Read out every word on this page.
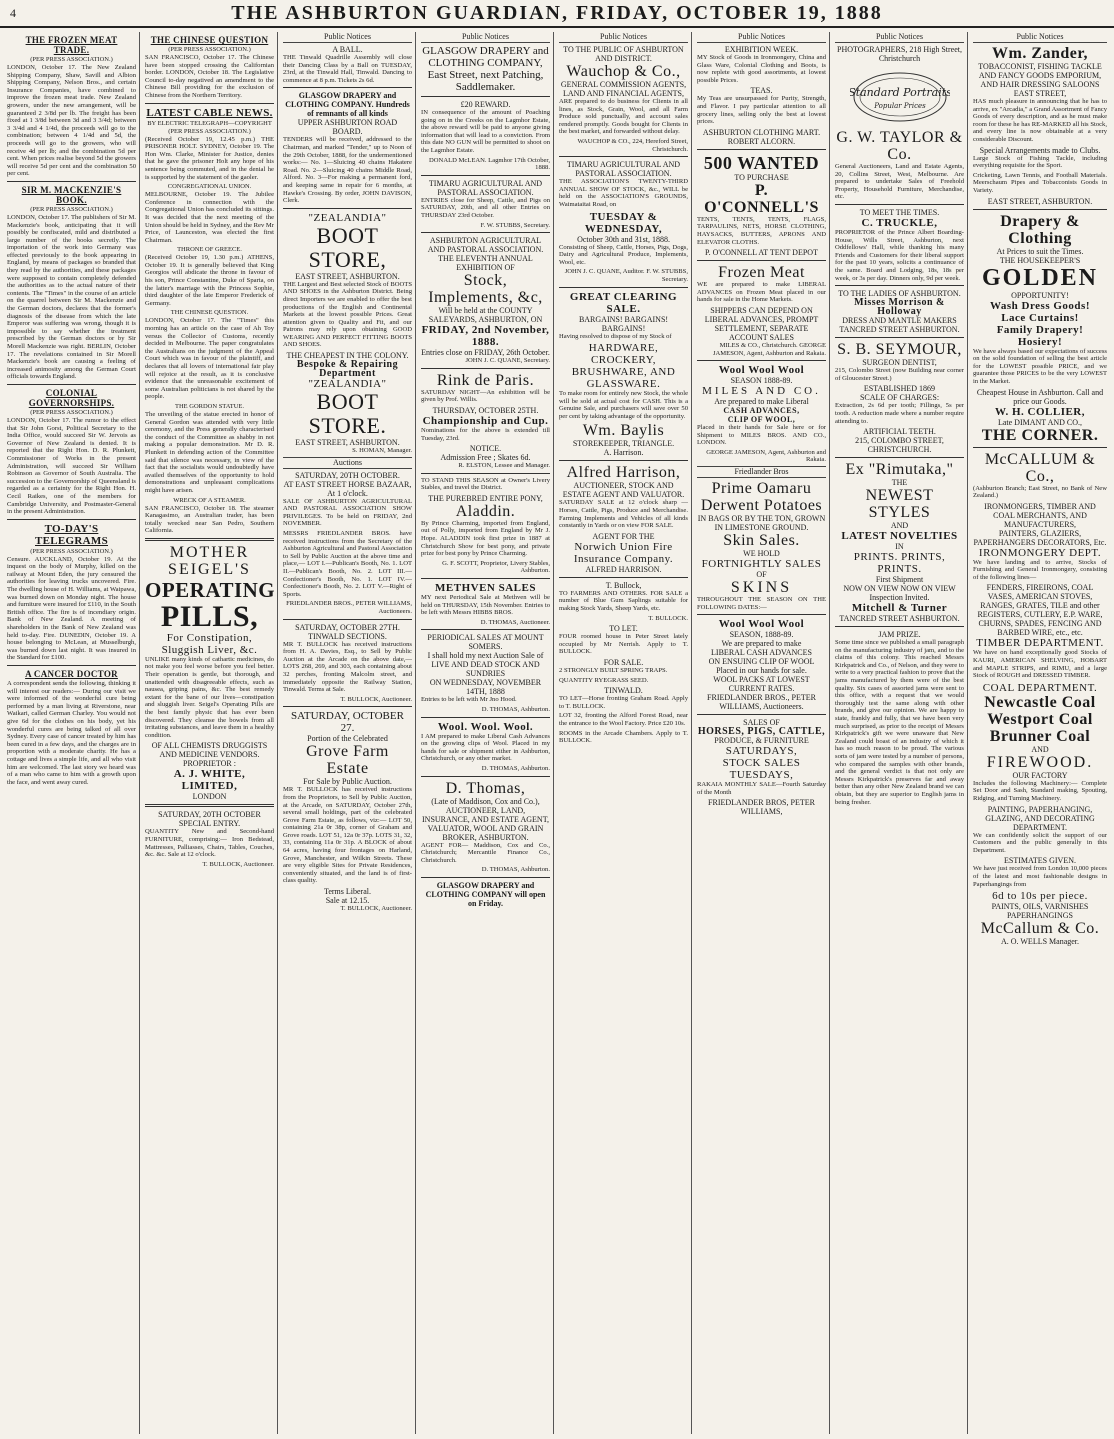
4	THE ASHBURTON GUARDIAN, FRIDAY, OCTOBER 19, 1888
THE FROZEN MEAT TRADE.
(PER PRESS ASSOCIATION.)
LONDON, October 17. The New Zealand Shipping Company, Shaw, Savill and Albion Shipping Company, Nelson Bros., and certain Insurance Companies, have combined to improve the frozen meat trade. New Zealand growers, under the new arrangement, will be guaranteed 2 3/8d per lb. The freight has been fixed at 1 3/8d between 3d and 3 3/4d; between 3 3/4d and 4 1/4d, the proceeds will go to the combination; between 4 1/4d and 5d, the proceeds will go to the growers, who will receive 4d per lb; and the combination 5d per cent. When prices realise beyond 5d the growers will receive 5d per cent and the combination 50 per cent.
SIR M. MACKENZIE'S BOOK.
(PER PRESS ASSOCIATION.)
LONDON, October 17. The publishers of Sir M. Mackenzie's book, anticipating that it will possibly be confiscated, mild and distributed a large number of the books secretly. The importation of the work into Germany was effected previously to the book appearing in England, by means of packages so branded that they read by the authorities, and these packages were supposed to contain completely defended the authorities as to the actual nature of their contents. The "Times" in the course of an article on the quarrel between Sir M. Mackenzie and the German doctors, declares that the former's diagnosis of the disease from which the late Emperor was suffering was wrong, though it is impossible to say whether the treatment prescribed by the German doctors or by Sir Morell Mackenzie was right. BERLIN, October 17. The revelations contained in Sir Morell Mackenzie's book are causing a feeling of increased animosity among the German Court officials towards England.
COLONIAL GOVERNORSHIPS.
(PER PRESS ASSOCIATION.)
LONDON, October 17. The rumor to the effect that Sir John Gorst, Political Secretary to the India Office, would succeed Sir W. Jervois as Governor of New Zealand is denied. It is reported that the Right Hon. D. R. Plunkett, Commissioner of Works in the present Administration, will succeed Sir William Robinson as Governor of South Australia. The succession to the Governorship of Queensland is regarded as a certainty for the Right Hon. H. Cecil Raikes, one of the members for Cambridge University, and Postmaster-General in the present Administration.
TO-DAY'S TELEGRAMS
(PER PRESS ASSOCIATION.)
Censure. AUCKLAND, October 19. At the inquest on the body of Murphy, killed on the railway at Mount Eden, the jury censured the authorities for leaving trucks uncovered. Fire. The dwelling house of H. Williams, at Waipawa, was burned down on Monday night. The house and furniture were insured for £110, in the South British office. The fire is of incendiary origin. Bank of New Zealand. A meeting of shareholders in the Bank of New Zealand was held to-day. Fire. DUNEDIN, October 19. A house belonging to McLean, at Musselburgh, was burned down last night. It was insured in the Standard for £100.
A CANCER DOCTOR
A correspondent sends the following, thinking it will interest our readers:— During our visit we were informed of the wonderful cure being performed by a man living at Riverstone, near Waikari, called German Charley. You would not give 6d for the clothes on his body, yet his wonderful cures are being talked of all over Sydney. Every case of cancer treated by him has been cured in a few days, and the charges are in proportion with a moderate charity. He has a cottage and lives a simple life, and all who visit him are welcomed. The last story we heard was of a man who came to him with a growth upon the face, and went away cured.
THE CHINESE QUESTION
(PER PRESS ASSOCIATION.)
SAN FRANCISCO, October 17. The Chinese have been stopped crossing the Californian border. LONDON, October 18. The Legislative Council to-day negatived an amendment to the Chinese Bill providing for the exclusion of Chinese from the Northern Territory.
LATEST CABLE NEWS.
BY ELECTRIC TELEGRAPH—COPYRIGHT
(PER PRESS ASSOCIATION.)
(Received October 19, 12.45 p.m.) THE PRISONER HOLT. SYDNEY, October 19. The Hon Wm. Clarke, Minister for Justice, denies that he gave the prisoner Holt any hope of his sentence being commuted, and in the denial he is supported by the statement of the gaoler.
CONGREGATIONAL UNION.
MELBOURNE, October 19. The Jubilee Conference in connection with the Congregational Union has concluded its sittings. It was decided that the next meeting of the Union should be held in Sydney, and the Rev Mr Price, of Launceston, was elected the first Chairman.
THRONE OF GREECE.
(Received October 19, 1.30 p.m.) ATHENS, October 19. It is generally believed that King Georgios will abdicate the throne in favour of his son, Prince Constantine, Duke of Sparta, on the latter's marriage with the Princess Sophie, third daughter of the late Emperor Frederick of Germany.
THE CHINESE QUESTION.
LONDON, October 17. The "Times" this morning has an article on the case of Ah Toy versus the Collector of Customs, recently decided in Melbourne. The paper congratulates the Australians on the judgment of the Appeal Court which was in favour of the plaintiff, and declares that all lovers of international fair play will rejoice at the result, as it is conclusive evidence that the unreasonable excitement of some Australian politicians is not shared by the people.
THE GORDON STATUE.
The unveiling of the statue erected in honor of General Gordon was attended with very little ceremony, and the Press generally characterised the conduct of the Committee as shabby in not making a popular demonstration. Mr D. R. Plunkett in defending action of the Committee said that silence was necessary, in view of the fact that the socialists would undoubtedly have availed themselves of the opportunity to hold demonstrations and unpleasant complications might have arisen.
WRECK OF A STEAMER.
SAN FRANCISCO, October 18. The steamer Kanagasimo, an Australian trader, has been totally wrecked near San Pedro, Southern California.
MOTHER
SEIGEL'S
OPERATING
PILLS,
For Constipation,
Sluggish Liver, &c.
UNLIKE many kinds of cathartic medicines, do not make you feel worse before you feel better. Their operation is gentle, but thorough, and unattended with disagreeable effects, such as nausea, griping pains, &c. The best remedy extant for the bane of our lives—constipation and sluggish liver. Seigel's Operating Pills are the best family physic that has ever been discovered. They cleanse the bowels from all irritating substances, and leave them in a healthy condition.
OF ALL CHEMISTS DRUGGISTS AND MEDICINE VENDORS.
PROPRIETOR :
A. J. WHITE, LIMITED,
LONDON
SATURDAY, 20TH OCTOBER
SPECIAL ENTRY.
QUANTITY New and Second-hand FURNITURE, comprising:— Iron Bedstead, Mattresses, Palliasses, Chairs, Tables, Couches, &c. &c. Sale at 12 o'clock.
T. BULLOCK, Auctioneer.
Public Notices
A BALL.
THE Tinwald Quadrille Assembly will close their Dancing Class by a Ball on TUESDAY, 23rd, at the Tinwald Hall, Tinwald. Dancing to commence at 8 p.m. Tickets 2s 6d.
GLASGOW DRAPERY and CLOTHING COMPANY. Hundreds of remnants of all kinds
UPPER ASHBURTON ROAD BOARD.
TENDERS will be received, addressed to the Chairman, and marked "Tender," up to Noon of the 29th October, 1888, for the undermentioned works:— No. 1—Sluicing 40 chains Hakatere Road. No. 2—Sluicing 40 chains Middle Road, Alford. No. 3—For making a permanent ford, and keeping same in repair for 6 months, at Hawke's Crossing. By order, JOHN DAVISON, Clerk.
"ZEALANDIA"
BOOT STORE,
EAST STREET, ASHBURTON.
THE Largest and Best selected Stock of BOOTS AND SHOES in the Ashburton District. Being direct Importers we are enabled to offer the best productions of the English and Continental Markets at the lowest possible Prices. Great attention given to Quality and Fit, and our Patrons may rely upon obtaining GOOD WEARING AND PERFECT FITTING BOOTS AND SHOES.
THE CHEAPEST IN THE COLONY.
Bespoke & Repairing Department
"ZEALANDIA"
BOOT STORE.
EAST STREET, ASHBURTON.
S. HOMAN, Manager.
Auctions
SATURDAY, 20TH OCTOBER.
AT EAST STREET HORSE BAZAAR, At 1 o'clock.
SALE OF ASHBURTON AGRICULTURAL AND PASTORAL ASSOCIATION SHOW PRIVILEGES. To be held on FRIDAY, 2nd NOVEMBER.
MESSRS FRIEDLANDER BROS. have received instructions from the Secretary of the Ashburton Agricultural and Pastoral Association to Sell by Public Auction at the above time and place,— LOT I.—Publican's Booth, No. 1. LOT II.—Publican's Booth, No. 2. LOT III.—Confectioner's Booth, No. 1. LOT IV.—Confectioner's Booth, No. 2. LOT V.—Right of Sports.
FRIEDLANDER BROS., PETER WILLIAMS, Auctioneers.
SATURDAY, OCTOBER 27TH.
TINWALD SECTIONS.
MR T. BULLOCK has received instructions from H. A. Davies, Esq., to Sell by Public Auction at the Arcade on the above date,— LOTS 268, 269, and 303, each containing about 32 perches, fronting Malcolm street, and immediately opposite the Railway Station, Tinwald. Terms at Sale.
T. BULLOCK, Auctioneer.
SATURDAY, OCTOBER 27.
Portion of the Celebrated
Grove Farm Estate
For Sale by Public Auction.
MR T. BULLOCK has received instructions from the Proprietors, to Sell by Public Auction, at the Arcade, on SATURDAY, October 27th, several small holdings, part of the celebrated Grove Farm Estate, as follows, viz:— LOT 50, containing 21a 0r 38p, corner of Graham and Grove roads. LOT 51, 12a 0r 37p. LOTS 31, 32, 33, containing 11a 0r 31p. A BLOCK of about 64 acres, having four frontages on Harland, Grove, Manchester, and Wilkin Streets. These are very eligible Sites for Private Residences, conveniently situated, and the land is of first-class quality.
Terms Liberal.
Sale at 12.15.
T. BULLOCK, Auctioneer.
Public Notices
GLASGOW DRAPERY and CLOTHING COMPANY, East Street, next Patching, Saddlemaker.
£20 REWARD.
IN consequence of the amount of Poaching going on in the Creeks on the Lagmhor Estate, the above reward will be paid to anyone giving information that will lead to a conviction. From this date NO GUN will be permitted to shoot on the Lagmhor Estate.
DONALD McLEAN. Lagmhor 17th October, 1888.
TIMARU AGRICULTURAL AND PASTORAL ASSOCIATION.
ENTRIES close for Sheep, Cattle, and Pigs on SATURDAY, 20th, and all other Entries on THURSDAY 23rd October.
F. W. STUBBS, Secretary.
ASHBURTON AGRICULTURAL AND PASTORAL ASSOCIATION.
THE ELEVENTH ANNUAL EXHIBITION OF
Stock, Implements, &c,
Will be held at the COUNTY SALEYARDS, ASHBURTON, ON
FRIDAY, 2nd November, 1888.
Entries close on FRIDAY, 26th October.
JOHN J. C. QUANE, Secretary.
Rink de Paris.
SATURDAY NIGHT—An exhibition will be given by Prof. Willis.
THURSDAY, OCTOBER 25TH.
Championship and Cup.
Nominations for the above is extended till Tuesday, 23rd.
NOTICE.
Admission Free ; Skates 6d.
R. ELSTON, Lessee and Manager.
TO STAND THIS SEASON at Owner's Livery Stables, and travel the District.
THE PUREBRED ENTIRE PONY,
Aladdin.
By Prince Charming, imported from England, out of Polly, imported from England by Mr J. Hope. ALADDIN took first prize in 1887 at Christchurch Show for best pony, and private prize for best pony by Prince Charming.
G. F. SCOTT, Proprietor, Livery Stables, Ashburton.
METHVEN SALES
MY next Periodical Sale at Methven will be held on THURSDAY, 15th November. Entries to be left with Messrs HIBBS BROS.
D. THOMAS, Auctioneer.
PERIODICAL SALES AT MOUNT SOMERS.
I shall hold my next Auction Sale of
LIVE AND DEAD STOCK AND SUNDRIES
ON WEDNESDAY, NOVEMBER 14TH, 1888
Entries to be left with Mr Jno Hood.
D. THOMAS, Ashburton.
Wool. Wool. Wool.
I AM prepared to make Liberal Cash Advances on the growing clips of Wool. Placed in my hands for sale or shipment either in Ashburton, Christchurch, or any other market.
D. THOMAS, Ashburton.
D. Thomas,
(Late of Maddison, Cox and Co.),
AUCTIONEER, LAND, INSURANCE, AND ESTATE AGENT, VALUATOR, WOOL AND GRAIN BROKER, ASHBURTON.
AGENT FOR— Maddison, Cox and Co., Christchurch; Mercantile Finance Co., Christchurch.
D. THOMAS, Ashburton.
GLASGOW DRAPERY and CLOTHING COMPANY will open on Friday.
Public Notices
TO THE PUBLIC OF ASHBURTON AND DISTRICT.
Wauchop & Co.,
GENERAL COMMISSION AGENTS, LAND AND FINANCIAL AGENTS,
ARE prepared to do business for Clients in all lines, as Stock, Grain, Wool, and all Farm Produce sold punctually, and account sales rendered promptly. Goods bought for Clients in the best market, and forwarded without delay.
WAUCHOP & CO., 224, Hereford Street, Christchurch.
TIMARU AGRICULTURAL AND PASTORAL ASSOCIATION.
THE ASSOCIATION'S TWENTY-THIRD ANNUAL SHOW OF STOCK, &c., WILL be held on the ASSOCIATION'S GROUNDS, Waimataitai Road, on
TUESDAY & WEDNESDAY,
October 30th and 31st, 1888.
Consisting of Sheep, Cattle, Horses, Pigs, Dogs, Dairy and Agricultural Produce, Implements, Wool, etc.
JOHN J. C. QUANE, Auditor. F. W. STUBBS, Secretary.
GREAT CLEARING SALE.
BARGAINS! BARGAINS! BARGAINS!
Having resolved to dispose of my Stock of
HARDWARE, CROCKERY, BRUSHWARE, AND GLASSWARE.
To make room for entirely new Stock, the whole will be sold at actual cost for CASH. This is a Genuine Sale, and purchasers will save over 50 per cent by taking advantage of the opportunity.
Wm. Baylis
STOREKEEPER, TRIANGLE.
A. Harrison.
Alfred Harrison,
AUCTIONEER, STOCK AND ESTATE AGENT AND VALUATOR.
SATURDAY SALE at 12 o'clock sharp —Horses, Cattle, Pigs, Produce and Merchandise. Farming Implements and Vehicles of all kinds constantly in Yards or on view FOR SALE.
AGENT FOR THE
Norwich Union Fire Insurance Company.
ALFRED HARRISON.
T. Bullock,
TO FARMERS AND OTHERS. FOR SALE a number of Blue Gum Saplings suitable for making Stock Yards, Sheep Yards, etc.
T. BULLOCK.
TO LET.
FOUR roomed house in Peter Street lately occupied by Mr Nerrish. Apply to T. BULLOCK.
FOR SALE.
2 STRONGLY BUILT SPRING TRAPS.
QUANTITY RYEGRASS SEED.
TINWALD.
TO LET—Horse fronting Graham Road. Apply to T. BULLOCK.
LOT 32, fronting the Alford Forest Road, near the entrance to the Wool Factory. Price £20 10s.
ROOMS in the Arcade Chambers. Apply to T. BULLOCK.
Public Notices
EXHIBITION WEEK.
MY Stock of Goods in Ironmongery, China and Glass Ware, Colonial Clothing and Boots, is now replete with good assortments, at lowest possible Prices.
TEAS.
My Teas are unsurpassed for Purity, Strength, and Flavor. I pay particular attention to all grocery lines, selling only the best at lowest prices.
ASHBURTON CLOTHING MART.
ROBERT ALCORN.
500 WANTED
TO PURCHASE
P. O'CONNELL'S
TENTS, TENTS, TENTS, FLAGS, TARPAULINS, NETS, HORSE CLOTHING, HAYSACKS, BUTTERS, APRONS AND ELEVATOR CLOTHS.
P. O'CONNELL AT TENT DEPOT
Frozen Meat
WE are prepared to make LIBERAL ADVANCES on Frozen Meat placed in our hands for sale in the Home Markets.
SHIPPERS CAN DEPEND ON LIBERAL ADVANCES, PROMPT SETTLEMENT, SEPARATE ACCOUNT SALES
MILES & CO., Christchurch. GEORGE JAMESON, Agent, Ashburton and Rakaia.
Wool Wool Wool
SEASON 1888-89.
MILES AND CO.
Are prepared to make Liberal
CASH ADVANCES,
CLIP OF WOOL,
Placed in their hands for Sale here or for Shipment to MILES BROS. AND CO., LONDON.
GEORGE JAMESON, Agent, Ashburton and Rakaia.
Friedlander Bros
Prime Oamaru
Derwent Potatoes
IN BAGS OR BY THE TON, GROWN IN LIMESTONE GROUND.
Skin Sales.
WE HOLD
FORTNIGHTLY SALES
OF
SKINS
THROUGHOUT THE SEASON ON THE FOLLOWING DATES:—
Wool Wool Wool
SEASON, 1888-89.
We are prepared to make
LIBERAL CASH ADVANCES
ON ENSUING CLIP OF WOOL
Placed in our hands for sale.
WOOL PACKS AT LOWEST CURRENT RATES.
FRIEDLANDER BROS., PETER WILLIAMS, Auctioneers.
SALES OF
HORSES, PIGS, CATTLE,
PRODUCE, & FURNITURE
SATURDAYS,
STOCK SALES
TUESDAYS,
RAKAIA MONTHLY SALE—Fourth Saturday of the Month
FRIEDLANDER BROS, PETER WILLIAMS,
Public Notices
PHOTOGRAPHERS, 218 High Street, Christchurch
Standard Portraits
Popular Prices
G. W. TAYLOR & Co.
General Auctioneers, Land and Estate Agents, 20, Collins Street, West, Melbourne. Are prepared to undertake Sales of Freehold Property, Household Furniture, Merchandise, etc.
TO MEET THE TIMES.
C. TRUCKLE,
PROPRIETOR of the Prince Albert Boarding-House, Wills Street, Ashburton, next Oddfellows' Hall, while thanking his many Friends and Customers for their liberal support for the past 10 years, solicits a continuance of the same. Board and Lodging, 18s, 18s per week, or 3s per day. Dinners only, 9d per week.
TO THE LADIES OF ASHBURTON.
Misses Morrison & Holloway
DRESS AND MANTLE MAKERS TANCRED STREET ASHBURTON.
S. B. SEYMOUR,
SURGEON DENTIST,
215, Colombo Street (now Building near corner of Gloucester Street.)
ESTABLISHED 1869
SCALE OF CHARGES:
Extraction, 2s 6d per tooth; Fillings, 5s per tooth. A reduction made where a number require attending to.
ARTIFICIAL TEETH.
215, COLOMBO STREET, CHRISTCHURCH.
Ex "Rimutaka,"
THE
NEWEST STYLES
AND
LATEST NOVELTIES
IN
PRINTS. PRINTS, PRINTS.
First Shipment
NOW ON VIEW NOW ON VIEW
Inspection Invited.
Mitchell & Turner
TANCRED STREET ASHBURTON.
JAM PRIZE.
Some time since we published a small paragraph on the manufacturing industry of jam, and to the claims of this colony. This reached Messrs Kirkpatrick and Co., of Nelson, and they were to write to a very practical fashion to prove that the jams manufactured by them were of the best quality. Six cases of assorted jams were sent to this office, with a request that we would thoroughly test the same along with other brands, and give our opinion. We are happy to state, frankly and fully, that we have been very much surprised, as prior to the receipt of Messrs Kirkpatrick's gift we were unaware that New Zealand could boast of an industry of which it has so much reason to be proud. The various sorts of jam were tested by a number of persons, who compared the samples with other brands, and the general verdict is that not only are Messrs Kirkpatrick's preserves far and away better than any other New Zealand brand we can obtain, but they are superior to English jams in being fresher.
Public Notices
Wm. Zander,
TOBACCONIST, FISHING TACKLE AND FANCY GOODS EMPORIUM, AND HAIR DRESSING SALOONS EAST STREET,
HAS much pleasure in announcing that he has to arrive, ex "Arcadia," a Grand Assortment of Fancy Goods of every description, and as he must make room for these he has RE-MARKED all his Stock, and every line is now obtainable at a very considerable Discount.
Special Arrangements made to Clubs.
Large Stock of Fishing Tackle, including everything requisite for the Sport.
Cricketing, Lawn Tennis, and Football Materials. Meerschaum Pipes and Tobacconists Goods in Variety.
EAST STREET, ASHBURTON.
Drapery & Clothing
At Prices to suit the Times.
THE HOUSEKEEPER'S
GOLDEN
OPPORTUNITY!
Wash Dress Goods!
Lace Curtains!
Family Drapery!
Hosiery!
We have always based our expectations of success on the solid foundation of selling the best article for the LOWEST possible PRICE, and we guarantee those PRICES to be the very LOWEST in the Market.
Cheapest House in Ashburton. Call and price our Goods.
W. H. COLLIER,
Late DIMANT AND CO.,
THE CORNER.
McCALLUM & Co.,
(Ashburton Branch; East Street, no Bank of New Zealand.)
IRONMONGERS, TIMBER AND COAL MERCHANTS, AND MANUFACTURERS,
PAINTERS, GLAZIERS, PAPERHANGERS DECORATORS, Etc.
IRONMONGERY DEPT.
We have landing and to arrive, Stocks of Furnishing and General Ironmongery, consisting of the following lines—
FENDERS, FIREIRONS, COAL VASES, AMERICAN STOVES, RANGES, GRATES, TILE and other REGISTERS, CUTLERY, E.P. WARE, CHURNS, SPADES, FENCING AND BARBED WIRE, etc., etc.
TIMBER DEPARTMENT.
We have on hand exceptionally good Stocks of KAURI, AMERICAN SHELVING, HOBART and MAPLE STRIPS, and RIMU, and a large Stock of ROUGH and DRESSED TIMBER.
COAL DEPARTMENT.
Newcastle Coal
Westport Coal
Brunner Coal
AND
FIREWOOD.
OUR FACTORY
Includes the following Machinery:— Complete Set Door and Sash, Standard making, Spouting, Ridging, and Turning Machinery.
PAINTING, PAPERHANGING, GLAZING, AND DECORATING DEPARTMENT.
We can confidently solicit the support of our Customers and the public generally in this Department.
ESTIMATES GIVEN.
We have just received from London 10,000 pieces of the latest and most fashionable designs in Paperhangings from
6d to 10s per piece.
PAINTS, OILS, VARNISHES PAPERHANGINGS
McCallum & Co.
A. O. WELLS Manager.
